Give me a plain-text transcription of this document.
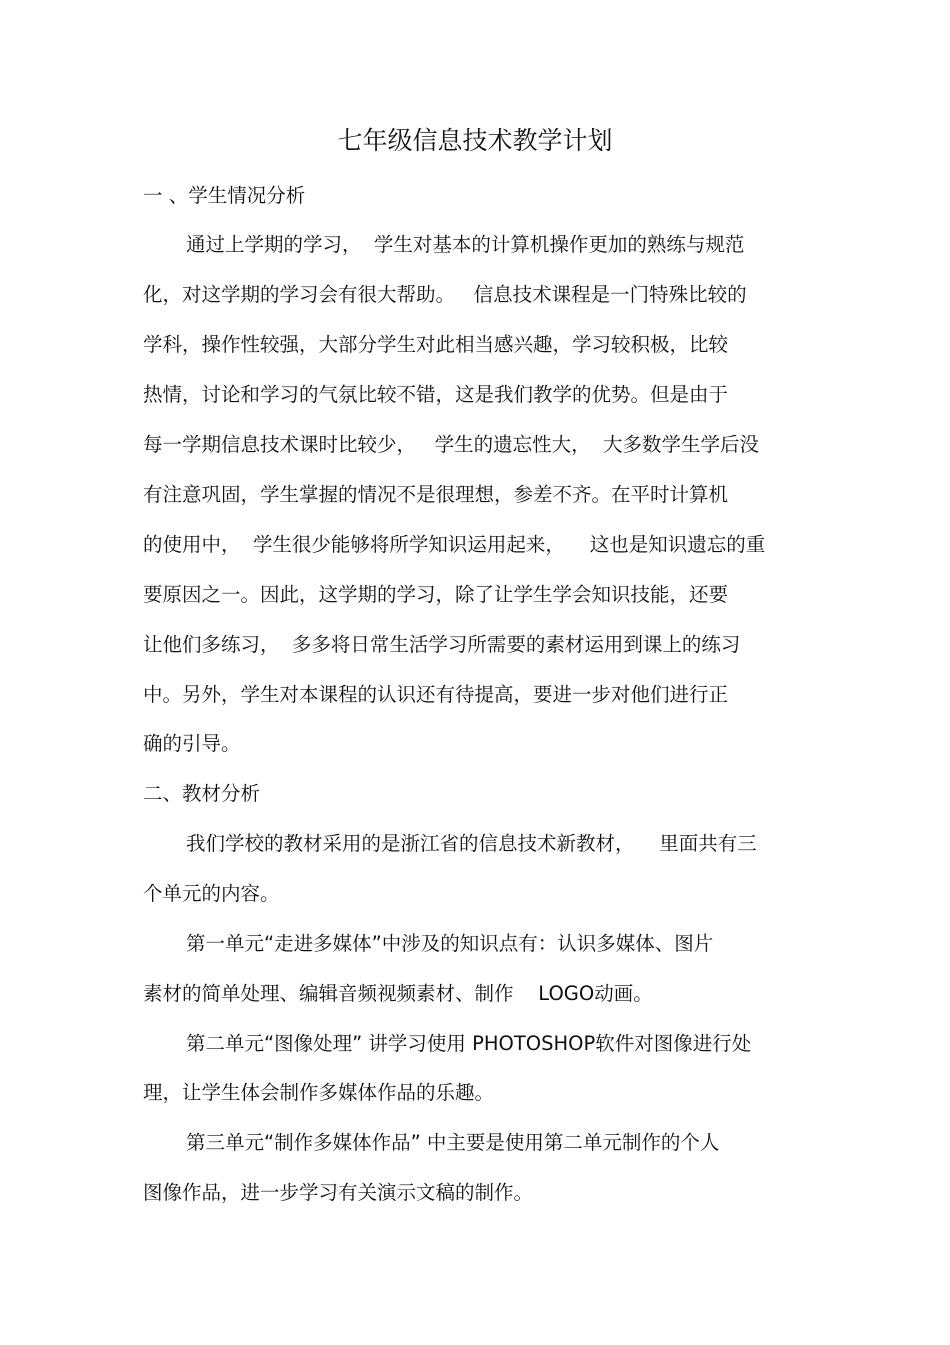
七年级信息技术教学计划
一 、学生情况分析
通过上学期的学习，  学生对基本的计算机操作更加的熟练与规范
化，对这学期的学习会有很大帮助。   信息技术课程是一门特殊比较的
学科，操作性较强，大部分学生对此相当感兴趣，学习较积极，比较
热情，讨论和学习的气氛比较不错，这是我们教学的优势。但是由于
每一学期信息技术课时比较少，   学生的遗忘性大，  大多数学生学后没
有注意巩固，学生掌握的情况不是很理想，参差不齐。在平时计算机
的使用中，  学生很少能够将所学知识运用起来，    这也是知识遗忘的重
要原因之一。因此，这学期的学习，除了让学生学会知识技能，还要
让他们多练习，  多多将日常生活学习所需要的素材运用到课上的练习
中。另外，学生对本课程的认识还有待提高，要进一步对他们进行正
确的引导。
二、教材分析
我们学校的教材采用的是浙江省的信息技术新教材，    里面共有三
个单元的内容。
第一单元“走进多媒体”中涉及的知识点有：认识多媒体、图片
素材的简单处理、编辑音频视频素材、制作    LOGO动画。
第二单元“图像处理” 讲学习使用 PHOTOSHOP软件对图像进行处
理，让学生体会制作多媒体作品的乐趣。
第三单元“制作多媒体作品” 中主要是使用第二单元制作的个人
图像作品，进一步学习有关演示文稿的制作。
